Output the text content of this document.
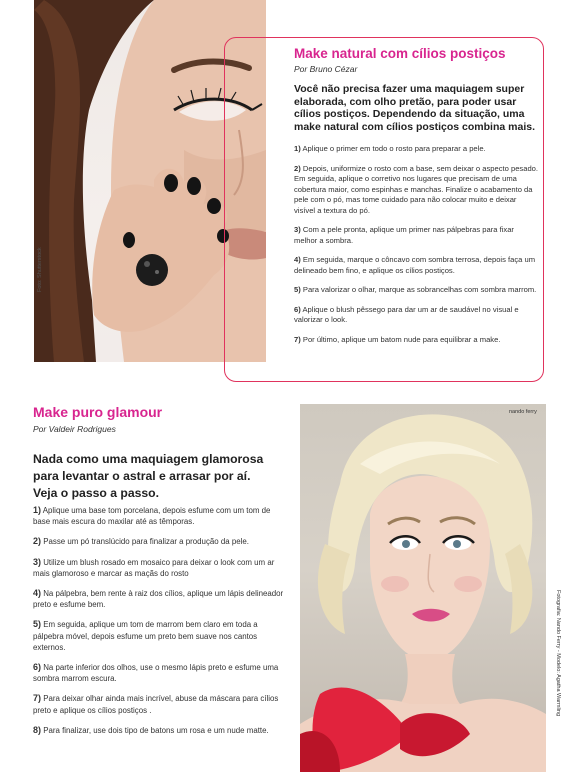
Foto: Shutterstock
Make natural com cílios postiços
Por Bruno Cézar
Você não precisa fazer uma maquiagem super elaborada, com olho pretão, para poder usar cílios postiços. Dependendo da situação, uma make natural com cílios postiços combina mais.

1) Aplique o primer em todo o rosto para preparar a pele.

2) Depois, uniformize o rosto com a base, sem deixar o aspecto pesado. Em seguida, aplique o corretivo nos lugares que precisam de uma cobertura maior, como espinhas e manchas. Finalize o acabamento da pele com o pó, mas tome cuidado para não colocar muito e deixar visível a textura do pó.

3) Com a pele pronta, aplique um primer nas pálpebras para fixar melhor a sombra.

4) Em seguida, marque o côncavo com sombra terrosa, depois faça um delineado bem fino, e aplique os cílios postiços.

5) Para valorizar o olhar, marque as sobrancelhas com sombra marrom.

6) Aplique o blush pêssego para dar um ar de saudável no visual e valorizar o look.

7) Por último, aplique um batom nude para equilibrar a make.

Make puro glamour
Por Valdeir Rodrigues
Nada como uma maquiagem glamorosa para levantar o astral e arrasar por aí. Veja o passo a passo.

1) Aplique uma base tom porcelana, depois esfume com um tom de base mais escura do maxilar até as têmporas.

2) Passe um pó translúcido para finalizar a produção da pele.

3) Utilize um blush rosado em mosaico para deixar o look com um ar mais glamoroso e marcar as maçãs do rosto

4) Na pálpebra, bem rente à raiz dos cílios, aplique um lápis delineador preto e esfume bem.

5) Em seguida, aplique um tom de marrom bem claro em toda a pálpebra móvel, depois esfume um preto bem suave nos cantos externos.

6) Na parte inferior dos olhos, use o mesmo lápis preto e esfume uma sombra marrom escura.

7) Para deixar olhar ainda mais incrível, abuse da máscara para cílios preto e aplique os cílios postiços .

8) Para finalizar, use dois tipo de batons um rosa e um nude matte.

nando ferry
Fotografia: Nando Ferry - Modelo: Agatha Warmling
